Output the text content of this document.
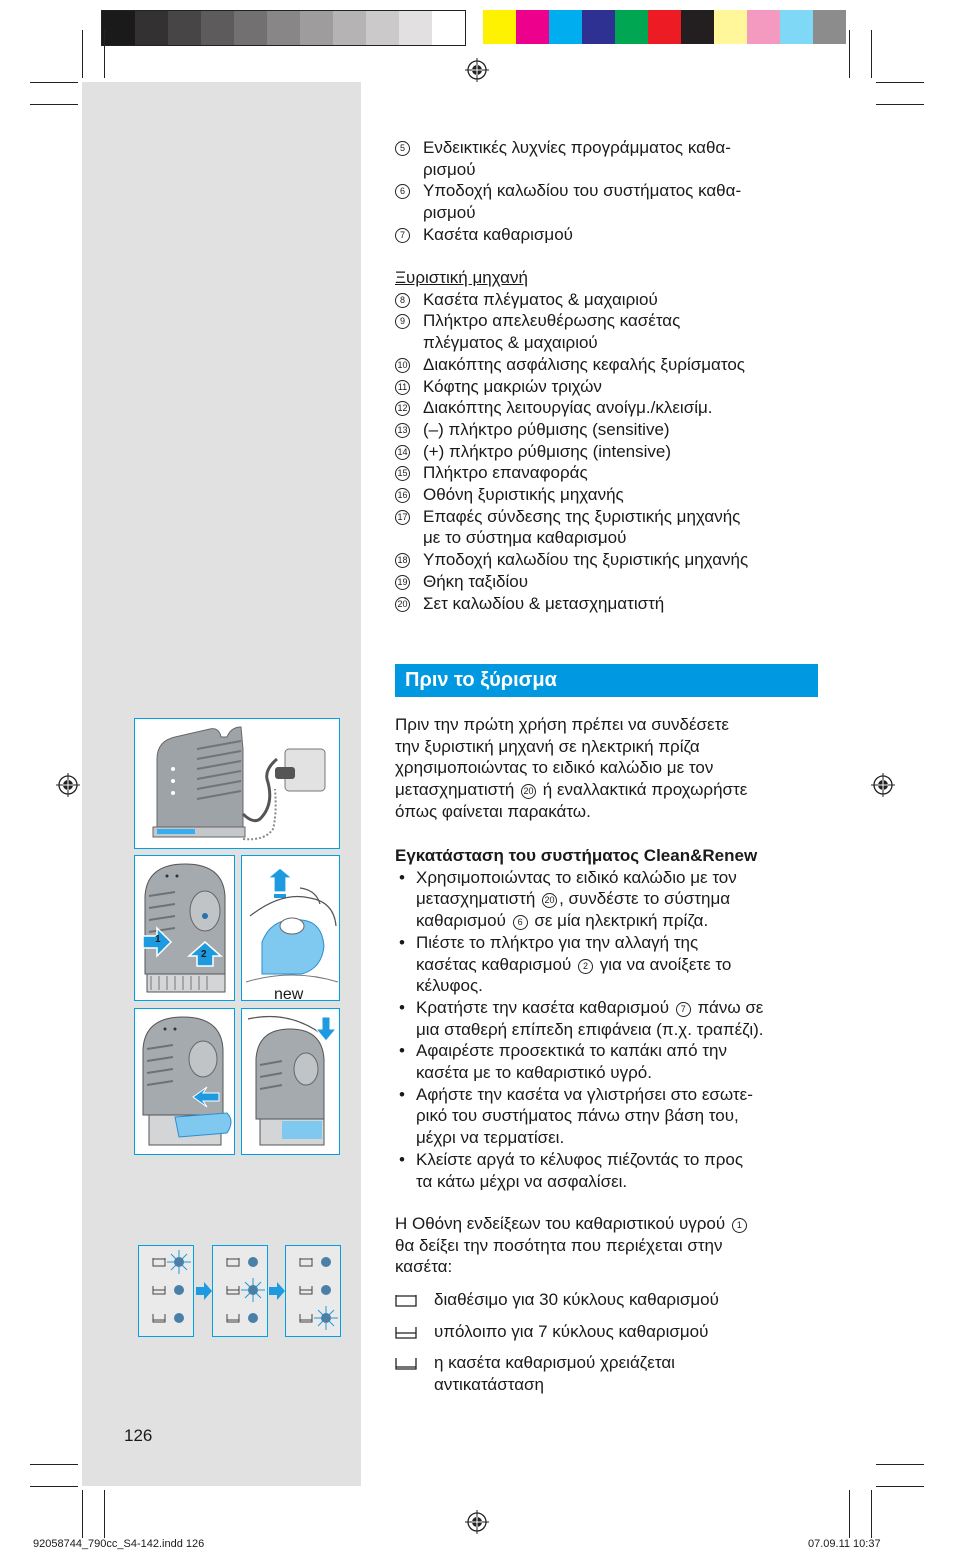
5 Ενδεικτικές λυχνίες προγράμματος καθα-
ρισμού
6 Υποδοχή καλωδίου του συστήματος καθα-
ρισμού
7 Κασέτα καθαρισμού
Ξυριστική μηχανή
8 Κασέτα πλέγματος & μαχαιριού
9 Πλήκτρο απελευθέρωσης κασέτας
πλέγματος & μαχαιριού
10 Διακόπτης ασφάλισης κεφαλής ξυρίσματος
11 Κόφτης μακριών τριχών
12 Διακόπτης λειτουργίας ανοίγμ./κλεισίμ.
13 (–) πλήκτρο ρύθμισης (sensitive)
14 (+) πλήκτρο ρύθμισης (intensive)
15 Πλήκτρο επαναφοράς
16 Οθόνη ξυριστικής μηχανής
17 Επαφές σύνδεσης της ξυριστικής μηχανής
με το σύστημα καθαρισμού
18 Υποδοχή καλωδίου της ξυριστικής μηχανής
19 Θήκη ταξιδίου
20 Σετ καλωδίου & μετασχηματιστή
Πριν το ξύρισμα
Πριν την πρώτη χρήση πρέπει να συνδέσετε
την ξυριστική μηχανή σε ηλεκτρική πρίζα
χρησιμοποιώντας το ειδικό καλώδιο με τον
μετασχηματιστή 20 ή εναλλακτικά προχωρήστε
όπως φαίνεται παρακάτω.
Εγκατάσταση του συστήματος Clean&Renew
• Χρησιμοποιώντας το ειδικό καλώδιο με τον
μετασχηματιστή 20 , συνδέστε το σύστημα
καθαρισμού 6 σε μία ηλεκτρική πρίζα.
• Πιέστε το πλήκτρο για την αλλαγή της
κασέτας καθαρισμού 2 για να ανοίξετε το
κέλυφος.
• Κρατήστε την κασέτα καθαρισμού 7 πάνω σε
μια σταθερή επίπεδη επιφάνεια (π.χ. τραπέζι).
• Αφαιρέστε προσεκτικά το καπάκι από την
κασέτα με το καθαριστικό υγρό.
• Αφήστε την κασέτα να γλιστρήσει στο εσωτε-
ρικό του συστήματος πάνω στην βάση του,
μέχρι να τερματίσει.
• Κλείστε αργά το κέλυφος πιέζοντάς το προς
τα κάτω μέχρι να ασφαλίσει.
Η Οθόνη ενδείξεων του καθαριστικού υγρού 1
θα δείξει την ποσότητα που περιέχεται στην
κασέτα:
διαθέσιμο για 30 κύκλους καθαρισμού
υπόλοιπο για 7 κύκλους καθαρισμού
η κασέτα καθαρισμού χρειάζεται
αντικατάσταση
1
2
new
126
92058744_790cc_S4-142.indd 126	07.09.11 10:37
